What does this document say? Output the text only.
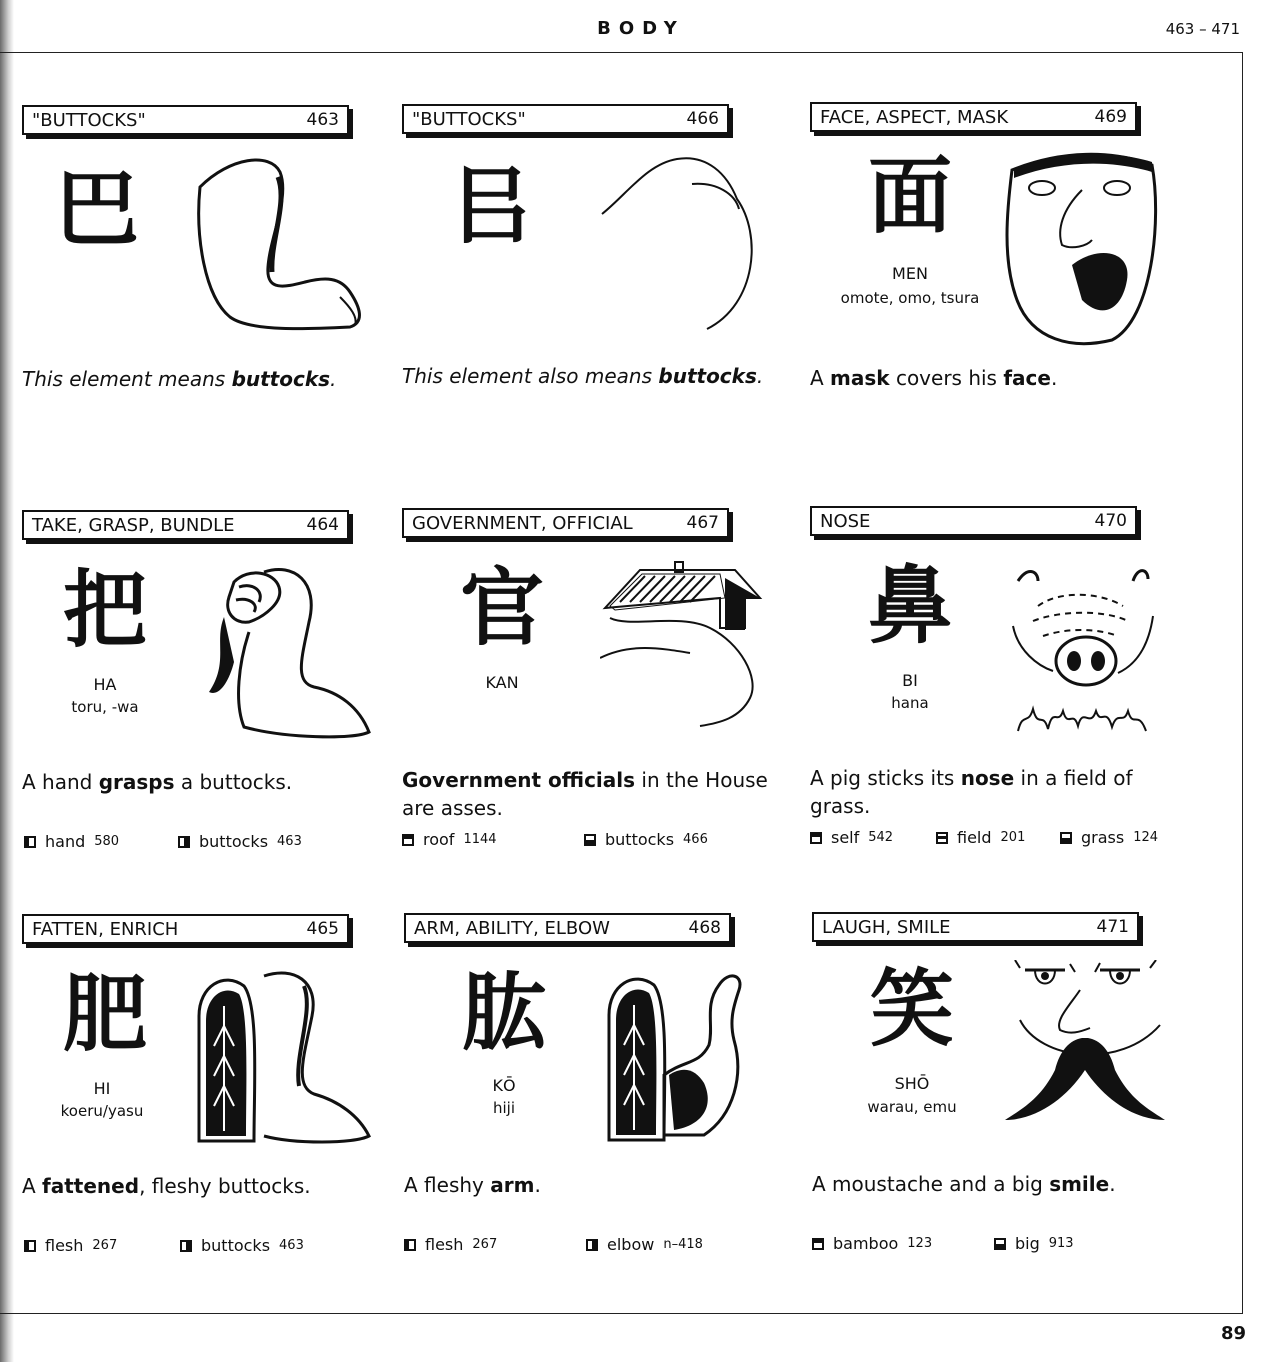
BODY	463 – 471
"BUTTOCKS"	463
巴
This element means buttocks.
"BUTTOCKS"	466
㠯
This element also means buttocks.
FACE, ASPECT, MASK	469
面
MEN
omote, omo, tsura
A mask covers his face.
TAKE, GRASP, BUNDLE	464
把
HA
toru, -wa
A hand grasps a buttocks.
hand 580	buttocks 463
GOVERNMENT, OFFICIAL	467
官
KAN
Government officials in the House are asses.
roof 1144	buttocks 466
NOSE	470
鼻
BI
hana
A pig sticks its nose in a field of grass.
self 542	field 201	grass 124
FATTEN, ENRICH	465
肥
HI
koeru/yasu
A fattened, fleshy buttocks.
flesh 267	buttocks 463
ARM, ABILITY, ELBOW	468
肱
KŌ
hiji
A fleshy arm.
flesh 267	elbow n–418
LAUGH, SMILE	471
笑
SHŌ
warau, emu
A moustache and a big smile.
bamboo 123	big 913
89
